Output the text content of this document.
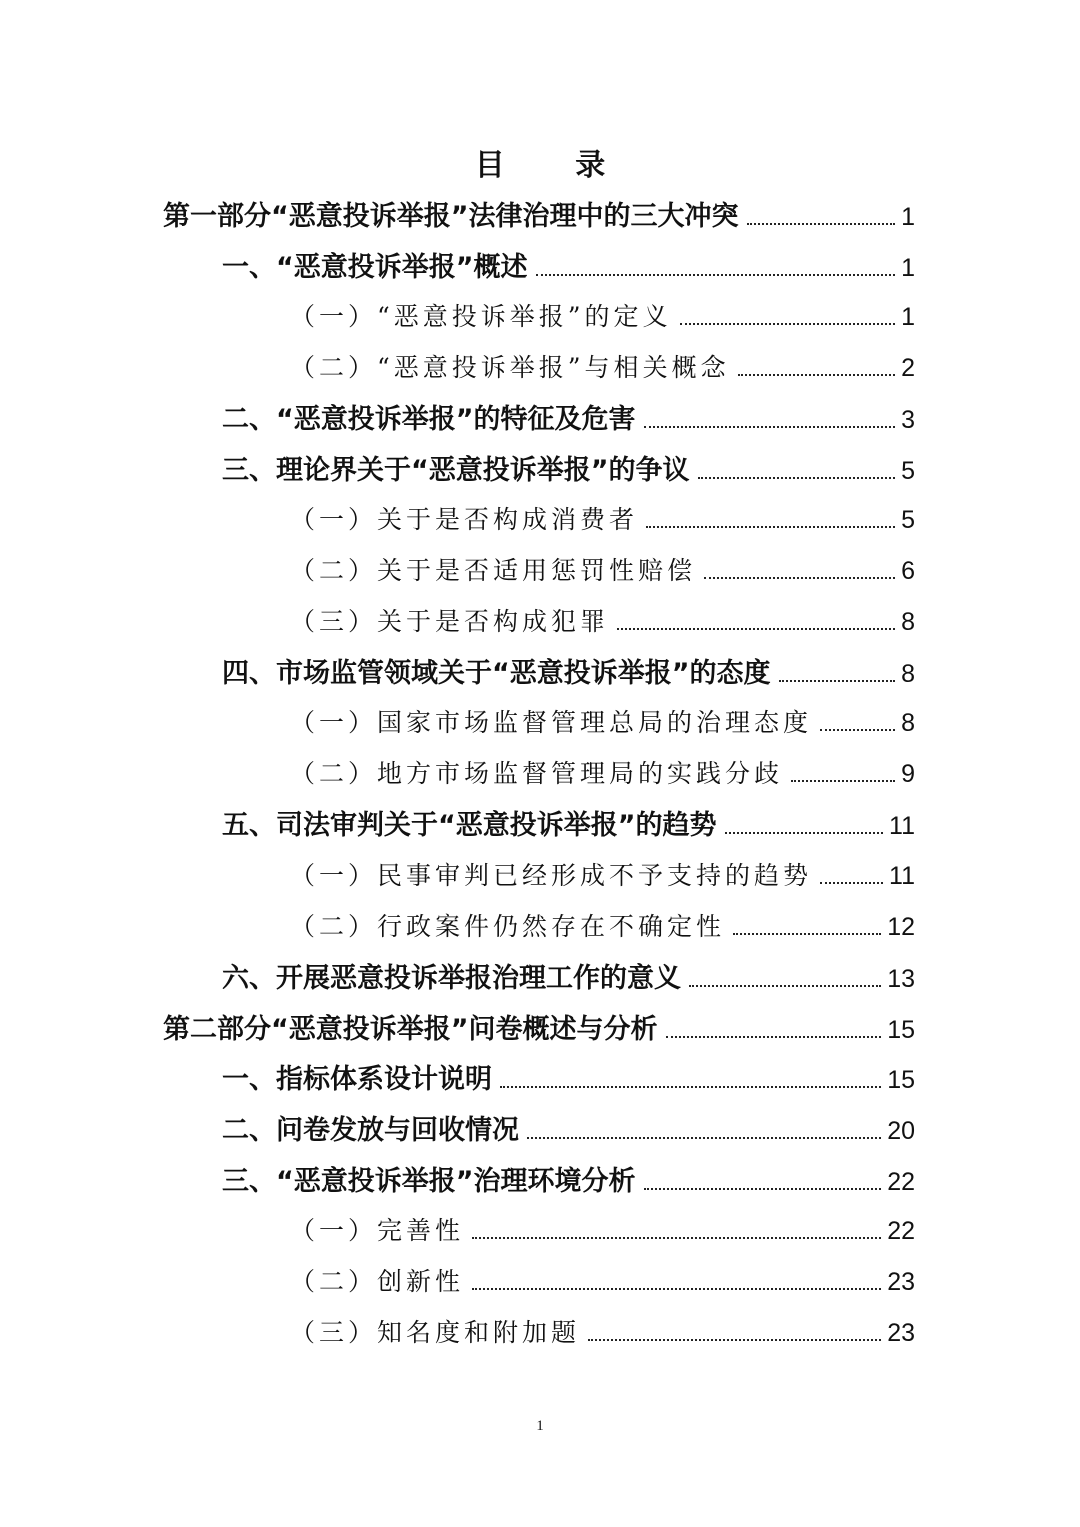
目 录
第一部分“恶意投诉举报”法律治理中的三大冲突	1
一、“恶意投诉举报”概述	1
（一）“恶意投诉举报”的定义	1
（二）“恶意投诉举报”与相关概念	2
二、“恶意投诉举报”的特征及危害	3
三、理论界关于“恶意投诉举报”的争议	5
（一）关于是否构成消费者	5
（二）关于是否适用惩罚性赔偿	6
（三）关于是否构成犯罪	8
四、市场监管领域关于“恶意投诉举报”的态度	8
（一）国家市场监督管理总局的治理态度	8
（二）地方市场监督管理局的实践分歧	9
五、司法审判关于“恶意投诉举报”的趋势	11
（一）民事审判已经形成不予支持的趋势	11
（二）行政案件仍然存在不确定性	12
六、开展恶意投诉举报治理工作的意义	13
第二部分“恶意投诉举报”问卷概述与分析	15
一、指标体系设计说明	15
二、问卷发放与回收情况	20
三、“恶意投诉举报”治理环境分析	22
（一）完善性	22
（二）创新性	23
（三）知名度和附加题	23
1
